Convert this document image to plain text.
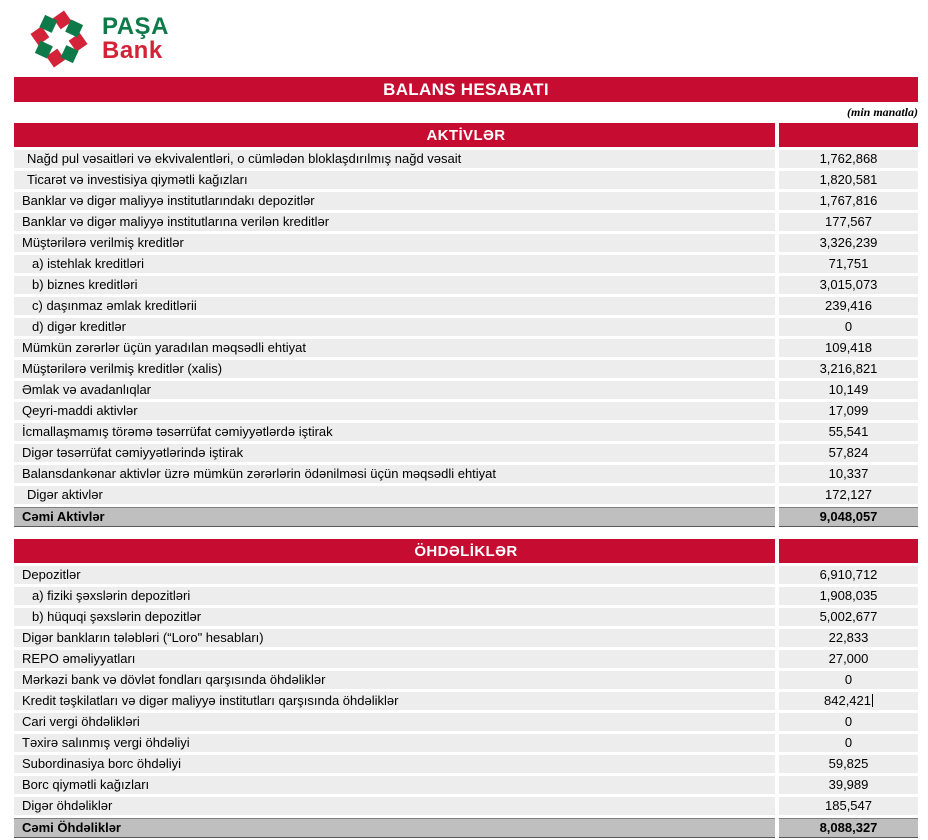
PAŞA
Bank
BALANS HESABATI
(min manatla)
AKTİVLƏR
Nağd pul vəsaitləri və ekvivalentləri, o cümlədən bloklaşdırılmış nağd vəsait	1,762,868
Ticarət və investisiya qiymətli kağızları	1,820,581
Banklar və digər maliyyə institutlarındakı depozitlər	1,767,816
Banklar və digər maliyyə institutlarına verilən kreditlər	177,567
Müştərilərə verilmiş kreditlər	3,326,239
a) istehlak kreditləri	71,751
b) biznes kreditləri	3,015,073
c) daşınmaz əmlak kreditlərii	239,416
d) digər kreditlər	0
Mümkün zərərlər üçün yaradılan məqsədli ehtiyat	109,418
Müştərilərə verilmiş kreditlər (xalis)	3,216,821
Əmlak və avadanlıqlar	10,149
Qeyri-maddi aktivlər	17,099
İcmallaşmamış törəmə təsərrüfat cəmiyyətlərdə iştirak	55,541
Digər təsərrüfat cəmiyyətlərində iştirak	57,824
Balansdankənar aktivlər üzrə mümkün zərərlərin ödənilməsi üçün məqsədli ehtiyat	10,337
Digər aktivlər	172,127
Cəmi Aktivlər	9,048,057
ÖHDƏLİKLƏR
Depozitlər	6,910,712
a) fiziki şəxslərin depozitləri	1,908,035
b) hüquqi şəxslərin depozitlər	5,002,677
Digər bankların tələbləri (“Loro" hesabları)	22,833
REPO əməliyyatları	27,000
Mərkəzi bank və dövlət fondları qarşısında öhdəliklər	0
Kredit təşkilatları və digər maliyyə institutları qarşısında öhdəliklər	842,421
Cari vergi öhdəlikləri	0
Təxirə salınmış vergi öhdəliyi	0
Subordinasiya borc öhdəliyi	59,825
Borc qiymətli kağızları	39,989
Digər öhdəliklər	185,547
Cəmi Öhdəliklər	8,088,327
